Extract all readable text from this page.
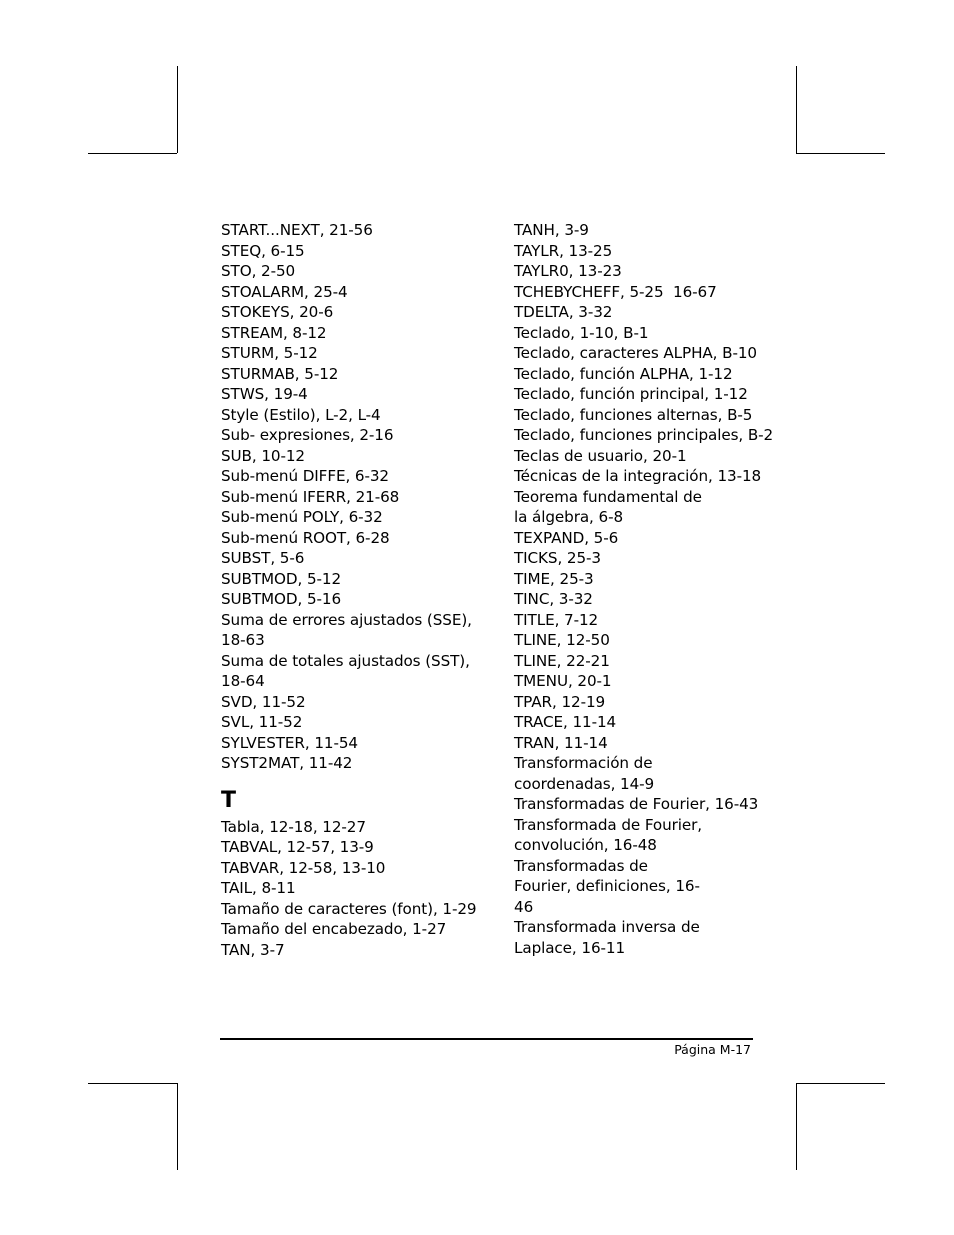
START...NEXT, 21-56
STEQ, 6-15
STO, 2-50
STOALARM, 25-4
STOKEYS, 20-6
STREAM, 8-12
STURM, 5-12
STURMAB, 5-12
STWS, 19-4
Style (Estilo), L-2, L-4
Sub- expresiones, 2-16
SUB, 10-12
Sub-menú DIFFE, 6-32
Sub-menú IFERR, 21-68
Sub-menú POLY, 6-32
Sub-menú ROOT, 6-28
SUBST, 5-6
SUBTMOD, 5-12
SUBTMOD, 5-16
Suma de errores ajustados (SSE), 18-63
Suma de totales ajustados (SST), 18-64
SVD, 11-52
SVL, 11-52
SYLVESTER, 11-54
SYST2MAT, 11-42
T
Tabla, 12-18, 12-27
TABVAL, 12-57, 13-9
TABVAR, 12-58, 13-10
TAIL, 8-11
Tamaño de caracteres (font), 1-29
Tamaño del encabezado, 1-27
TAN, 3-7
TANH, 3-9
TAYLR, 13-25
TAYLR0, 13-23
TCHEBYCHEFF, 5-25  16-67
TDELTA, 3-32
Teclado, 1-10, B-1
Teclado, caracteres ALPHA, B-10
Teclado, función ALPHA, 1-12
Teclado, función principal, 1-12
Teclado, funciones alternas, B-5
Teclado, funciones principales, B-2
Teclas de usuario, 20-1
Técnicas de la integración, 13-18
Teorema fundamental de la álgebra, 6-8
TEXPAND, 5-6
TICKS, 25-3
TIME, 25-3
TINC, 3-32
TITLE, 7-12
TLINE, 12-50
TLINE, 22-21
TMENU, 20-1
TPAR, 12-19
TRACE, 11-14
TRAN, 11-14
Transformación de coordenadas, 14-9
Transformadas de Fourier, 16-43
Transformada de Fourier, convolución, 16-48
Transformadas de Fourier, definiciones, 16-46
Transformada inversa de Laplace, 16-11
Página M-17
